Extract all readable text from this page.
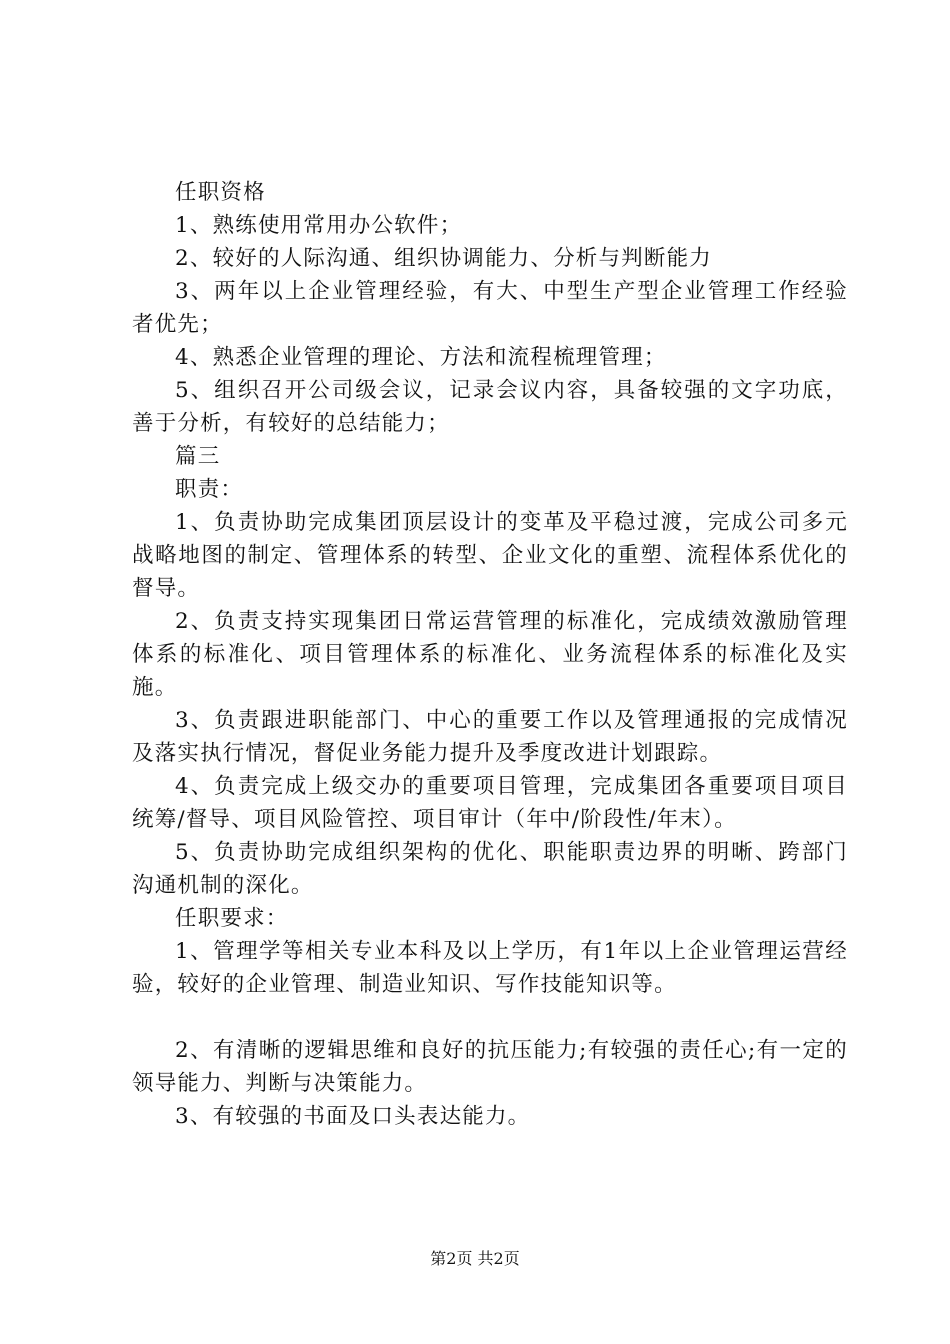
任职资格

1、熟练使用常用办公软件；

2、较好的人际沟通、组织协调能力、分析与判断能力

3、两年以上企业管理经验，有大、中型生产型企业管理工作经验者优先；

4、熟悉企业管理的理论、方法和流程梳理管理；

5、组织召开公司级会议，记录会议内容，具备较强的文字功底，善于分析，有较好的总结能力；

篇三

职责：

1、负责协助完成集团顶层设计的变革及平稳过渡，完成公司多元战略地图的制定、管理体系的转型、企业文化的重塑、流程体系优化的督导。

2、负责支持实现集团日常运营管理的标准化，完成绩效激励管理体系的标准化、项目管理体系的标准化、业务流程体系的标准化及实施。

3、负责跟进职能部门、中心的重要工作以及管理通报的完成情况及落实执行情况，督促业务能力提升及季度改进计划跟踪。

4、负责完成上级交办的重要项目管理，完成集团各重要项目项目统筹/督导、项目风险管控、项目审计（年中/阶段性/年末）。

5、负责协助完成组织架构的优化、职能职责边界的明晰、跨部门沟通机制的深化。

任职要求：

1、管理学等相关专业本科及以上学历，有1年以上企业管理运营经验，较好的企业管理、制造业知识、写作技能知识等。

2、有清晰的逻辑思维和良好的抗压能力;有较强的责任心;有一定的领导能力、判断与决策能力。

3、有较强的书面及口头表达能力。

第2页 共2页
